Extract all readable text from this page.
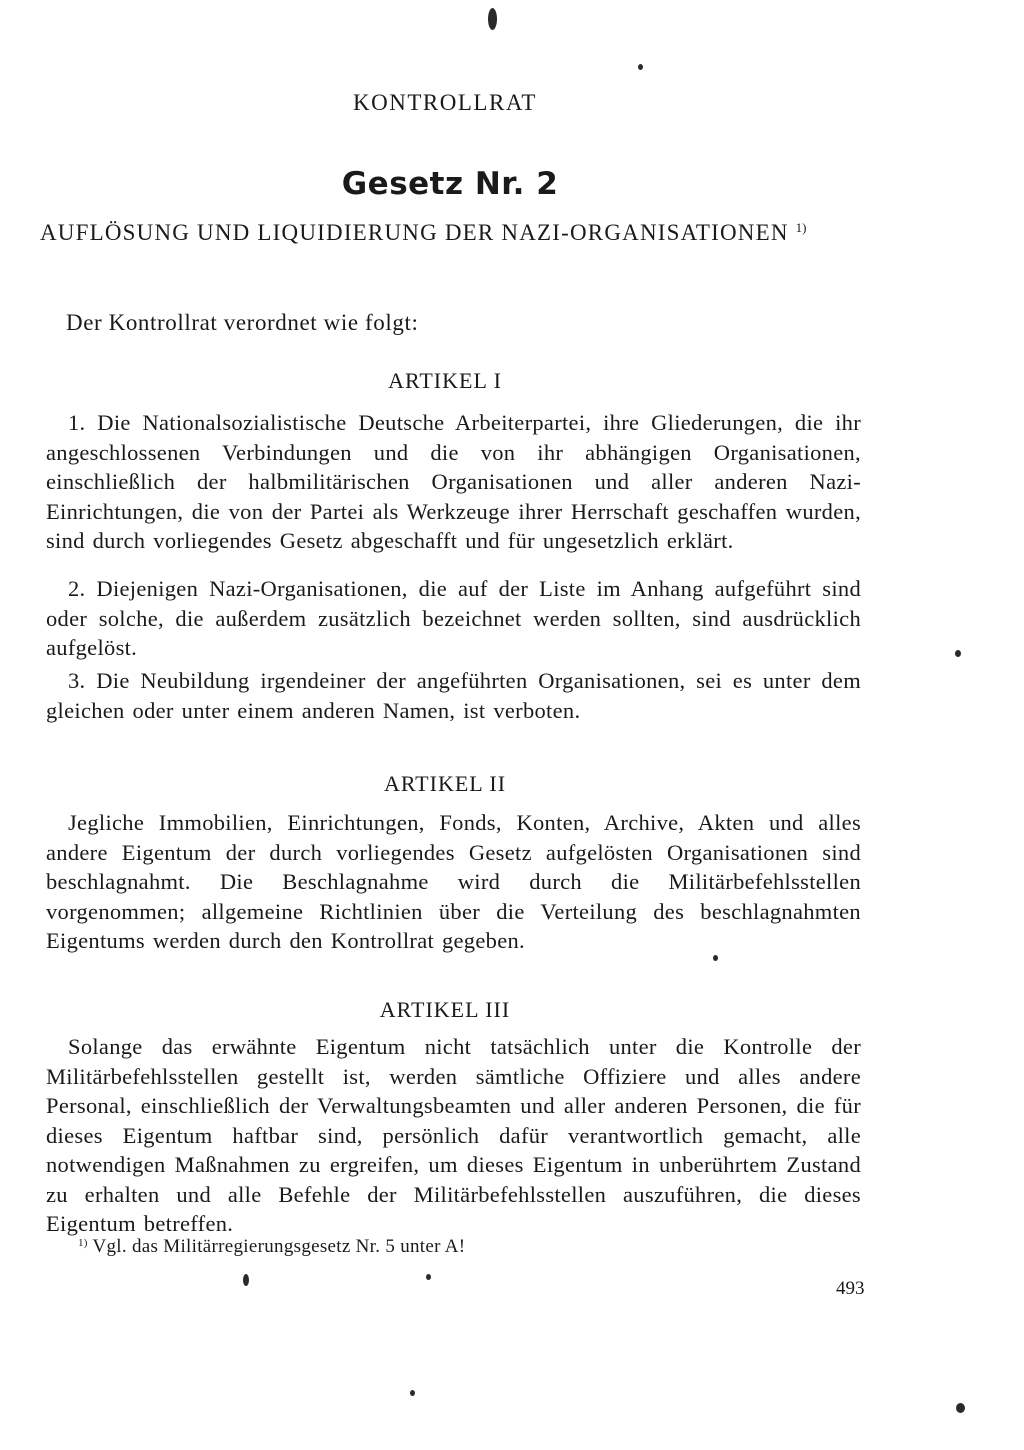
KONTROLLRAT
Gesetz Nr. 2
AUFLÖSUNG UND LIQUIDIERUNG DER NAZI-ORGANISATIONEN $^{1)}$
Der Kontrollrat verordnet wie folgt:
ARTIKEL I
1. Die Nationalsozialistische Deutsche Arbeiterpartei, ihre Gliederungen, die ihr angeschlossenen Verbindungen und die von ihr abhängigen Organisationen, einschließlich der halbmilitärischen Organisationen und aller anderen Nazi-Einrichtungen, die von der Partei als Werkzeuge ihrer Herrschaft geschaffen wurden, sind durch vorliegendes Gesetz abgeschafft und für ungesetzlich erklärt.
2. Diejenigen Nazi-Organisationen, die auf der Liste im Anhang aufgeführt sind oder solche, die außerdem zusätzlich bezeichnet werden sollten, sind ausdrücklich aufgelöst.
3. Die Neubildung irgendeiner der angeführten Organisationen, sei es unter dem gleichen oder unter einem anderen Namen, ist verboten.
ARTIKEL II
Jegliche Immobilien, Einrichtungen, Fonds, Konten, Archive, Akten und alles andere Eigentum der durch vorliegendes Gesetz aufgelösten Organisationen sind beschlagnahmt. Die Beschlagnahme wird durch die Militärbefehlsstellen vorgenommen; allgemeine Richtlinien über die Verteilung des beschlagnahmten Eigentums werden durch den Kontrollrat gegeben.
ARTIKEL III
Solange das erwähnte Eigentum nicht tatsächlich unter die Kontrolle der Militärbefehlsstellen gestellt ist, werden sämtliche Offiziere und alles andere Personal, einschließlich der Verwaltungsbeamten und aller anderen Personen, die für dieses Eigentum haftbar sind, persönlich dafür verantwortlich gemacht, alle notwendigen Maßnahmen zu ergreifen, um dieses Eigentum in unberührtem Zustand zu erhalten und alle Befehle der Militärbefehlsstellen auszuführen, die dieses Eigentum betreffen.
$^{1)}$ Vgl. das Militärregierungsgesetz Nr. 5 unter A!
493
